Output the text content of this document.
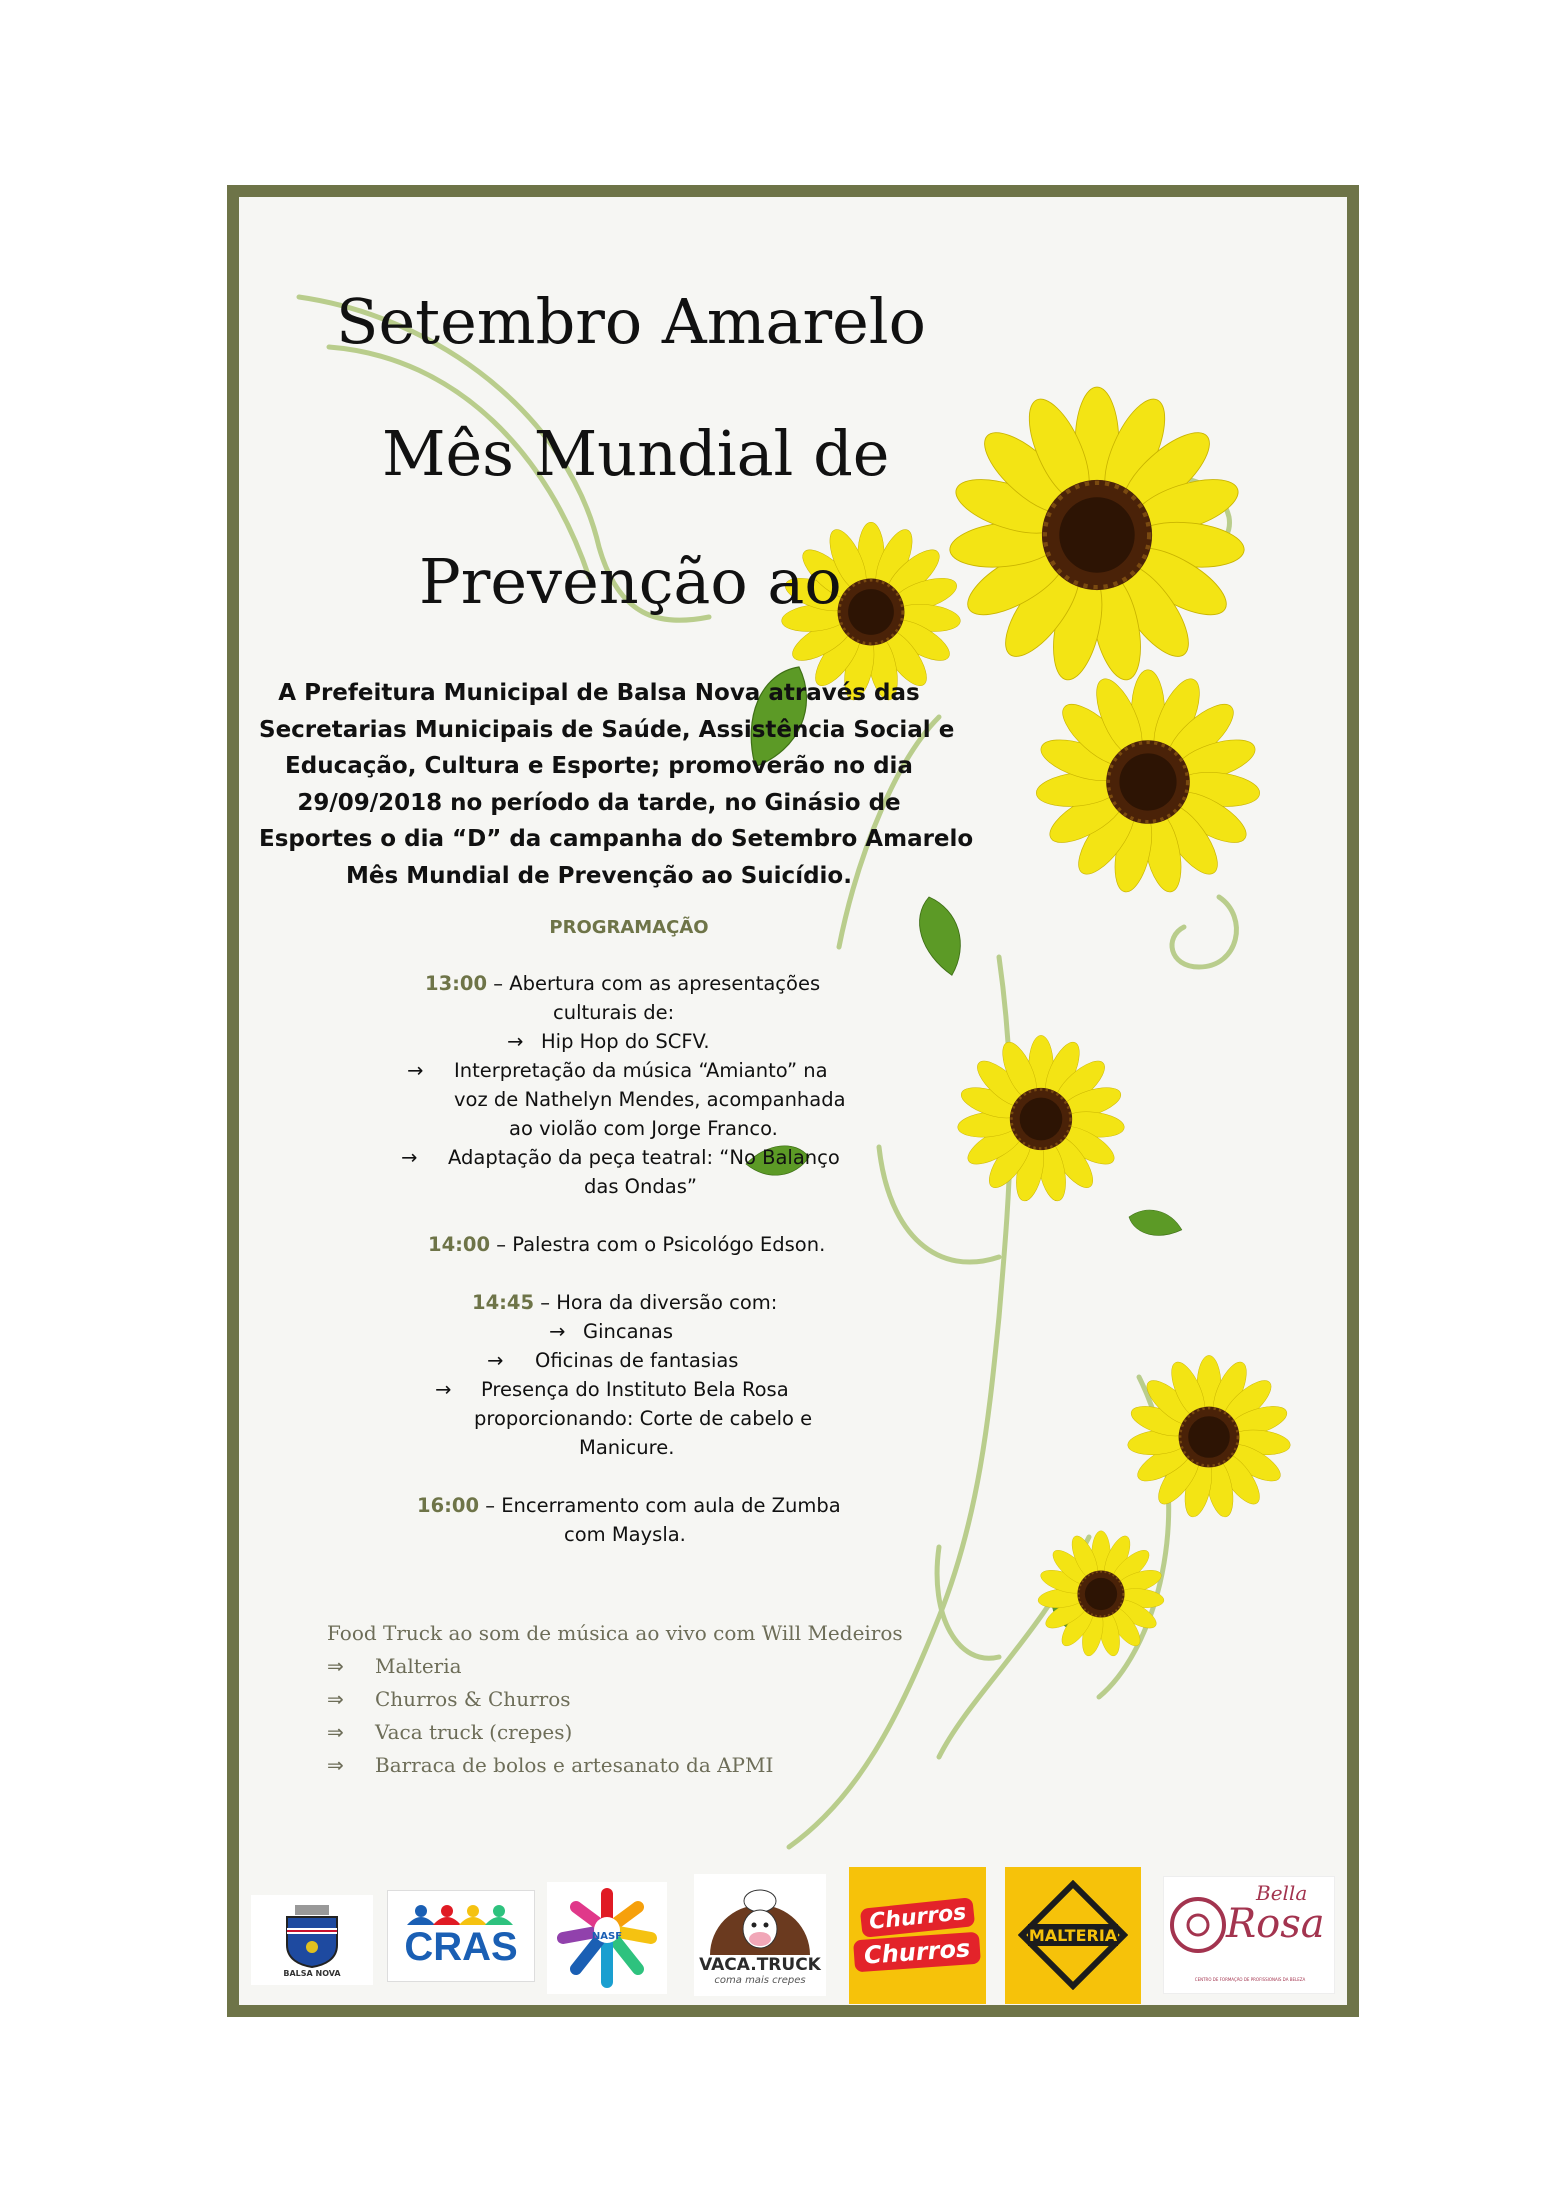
Setembro Amarelo
Mês Mundial de
Prevenção ao
A Prefeitura Municipal de Balsa Nova através das
Secretarias Municipais de Saúde, Assistência Social e
Educação, Cultura e Esporte; promoverão no dia
29/09/2018 no período da tarde, no Ginásio de
Esportes o dia “D” da campanha do Setembro Amarelo
Mês Mundial de Prevenção ao Suicídio.
PROGRAMAÇÃO
13:00 – Abertura com as apresentações
culturais de:
→ Hip Hop do SCFV.
→ Interpretação da música “Amianto” na
voz de Nathelyn Mendes, acompanhada
ao violão com Jorge Franco.
→ Adaptação da peça teatral: “No Balanço
das Ondas”
14:00 – Palestra com o Psicológo Edson.
14:45 – Hora da diversão com:
→ Gincanas
→ Oficinas de fantasias
→ Presença do Instituto Bela Rosa
proporcionando: Corte de cabelo e
Manicure.
16:00 – Encerramento com aula de Zumba
com Maysla.
Food Truck ao som de música ao vivo com Will Medeiros
⇒ Malteria
⇒ Churros & Churros
⇒ Vaca truck (crepes)
⇒ Barraca de bolos e artesanato da APMI
BALSA NOVA
CRAS	NASF
VACA.TRUCK
coma mais crepes
Churros
Churros	MALTERIA
Bella
Rosa
CENTRO DE FORMAÇÃO DE PROFISSIONAIS DA BELEZA
